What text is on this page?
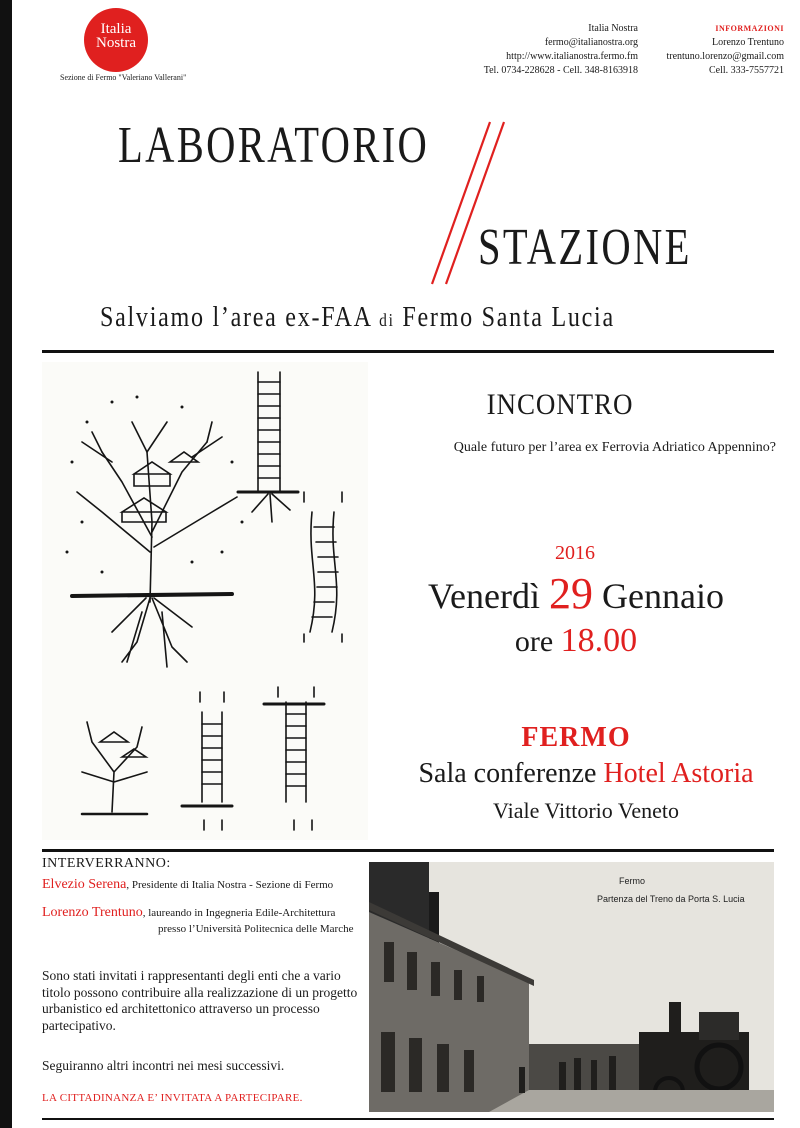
Italia
Nostra
Sezione di Fermo "Valeriano Vallerani"
Italia Nostra
fermo@italianostra.org
http://www.italianostra.fermo.fm
Tel. 0734-228628 - Cell. 348-8163918
INFORMAZIONI
Lorenzo Trentuno
trentuno.lorenzo@gmail.com
Cell. 333-7557721
LABORATORIO
STAZIONE
Salviamo l’area ex-FAA di Fermo Santa Lucia
INCONTRO
Quale futuro per l’area ex Ferrovia Adriatico Appennino?
2016
Venerdì 29 Gennaio
ore 18.00
FERMO
Sala conferenze Hotel Astoria
Viale Vittorio Veneto
INTERVERRANNO:
Elvezio Serena, Presidente di Italia Nostra - Sezione di Fermo
Lorenzo Trentuno, laureando in Ingegneria Edile-Architettura
presso l’Università Politecnica delle Marche
Sono stati invitati i rappresentanti degli enti che a vario titolo possono contribuire alla realizzazione di un progetto urbanistico ed architettonico attraverso un processo partecipativo.
Seguiranno altri incontri nei mesi successivi.
LA CITTADINANZA E’ INVITATA A PARTECIPARE.
Fermo
Partenza del Treno da Porta S. Lucia
